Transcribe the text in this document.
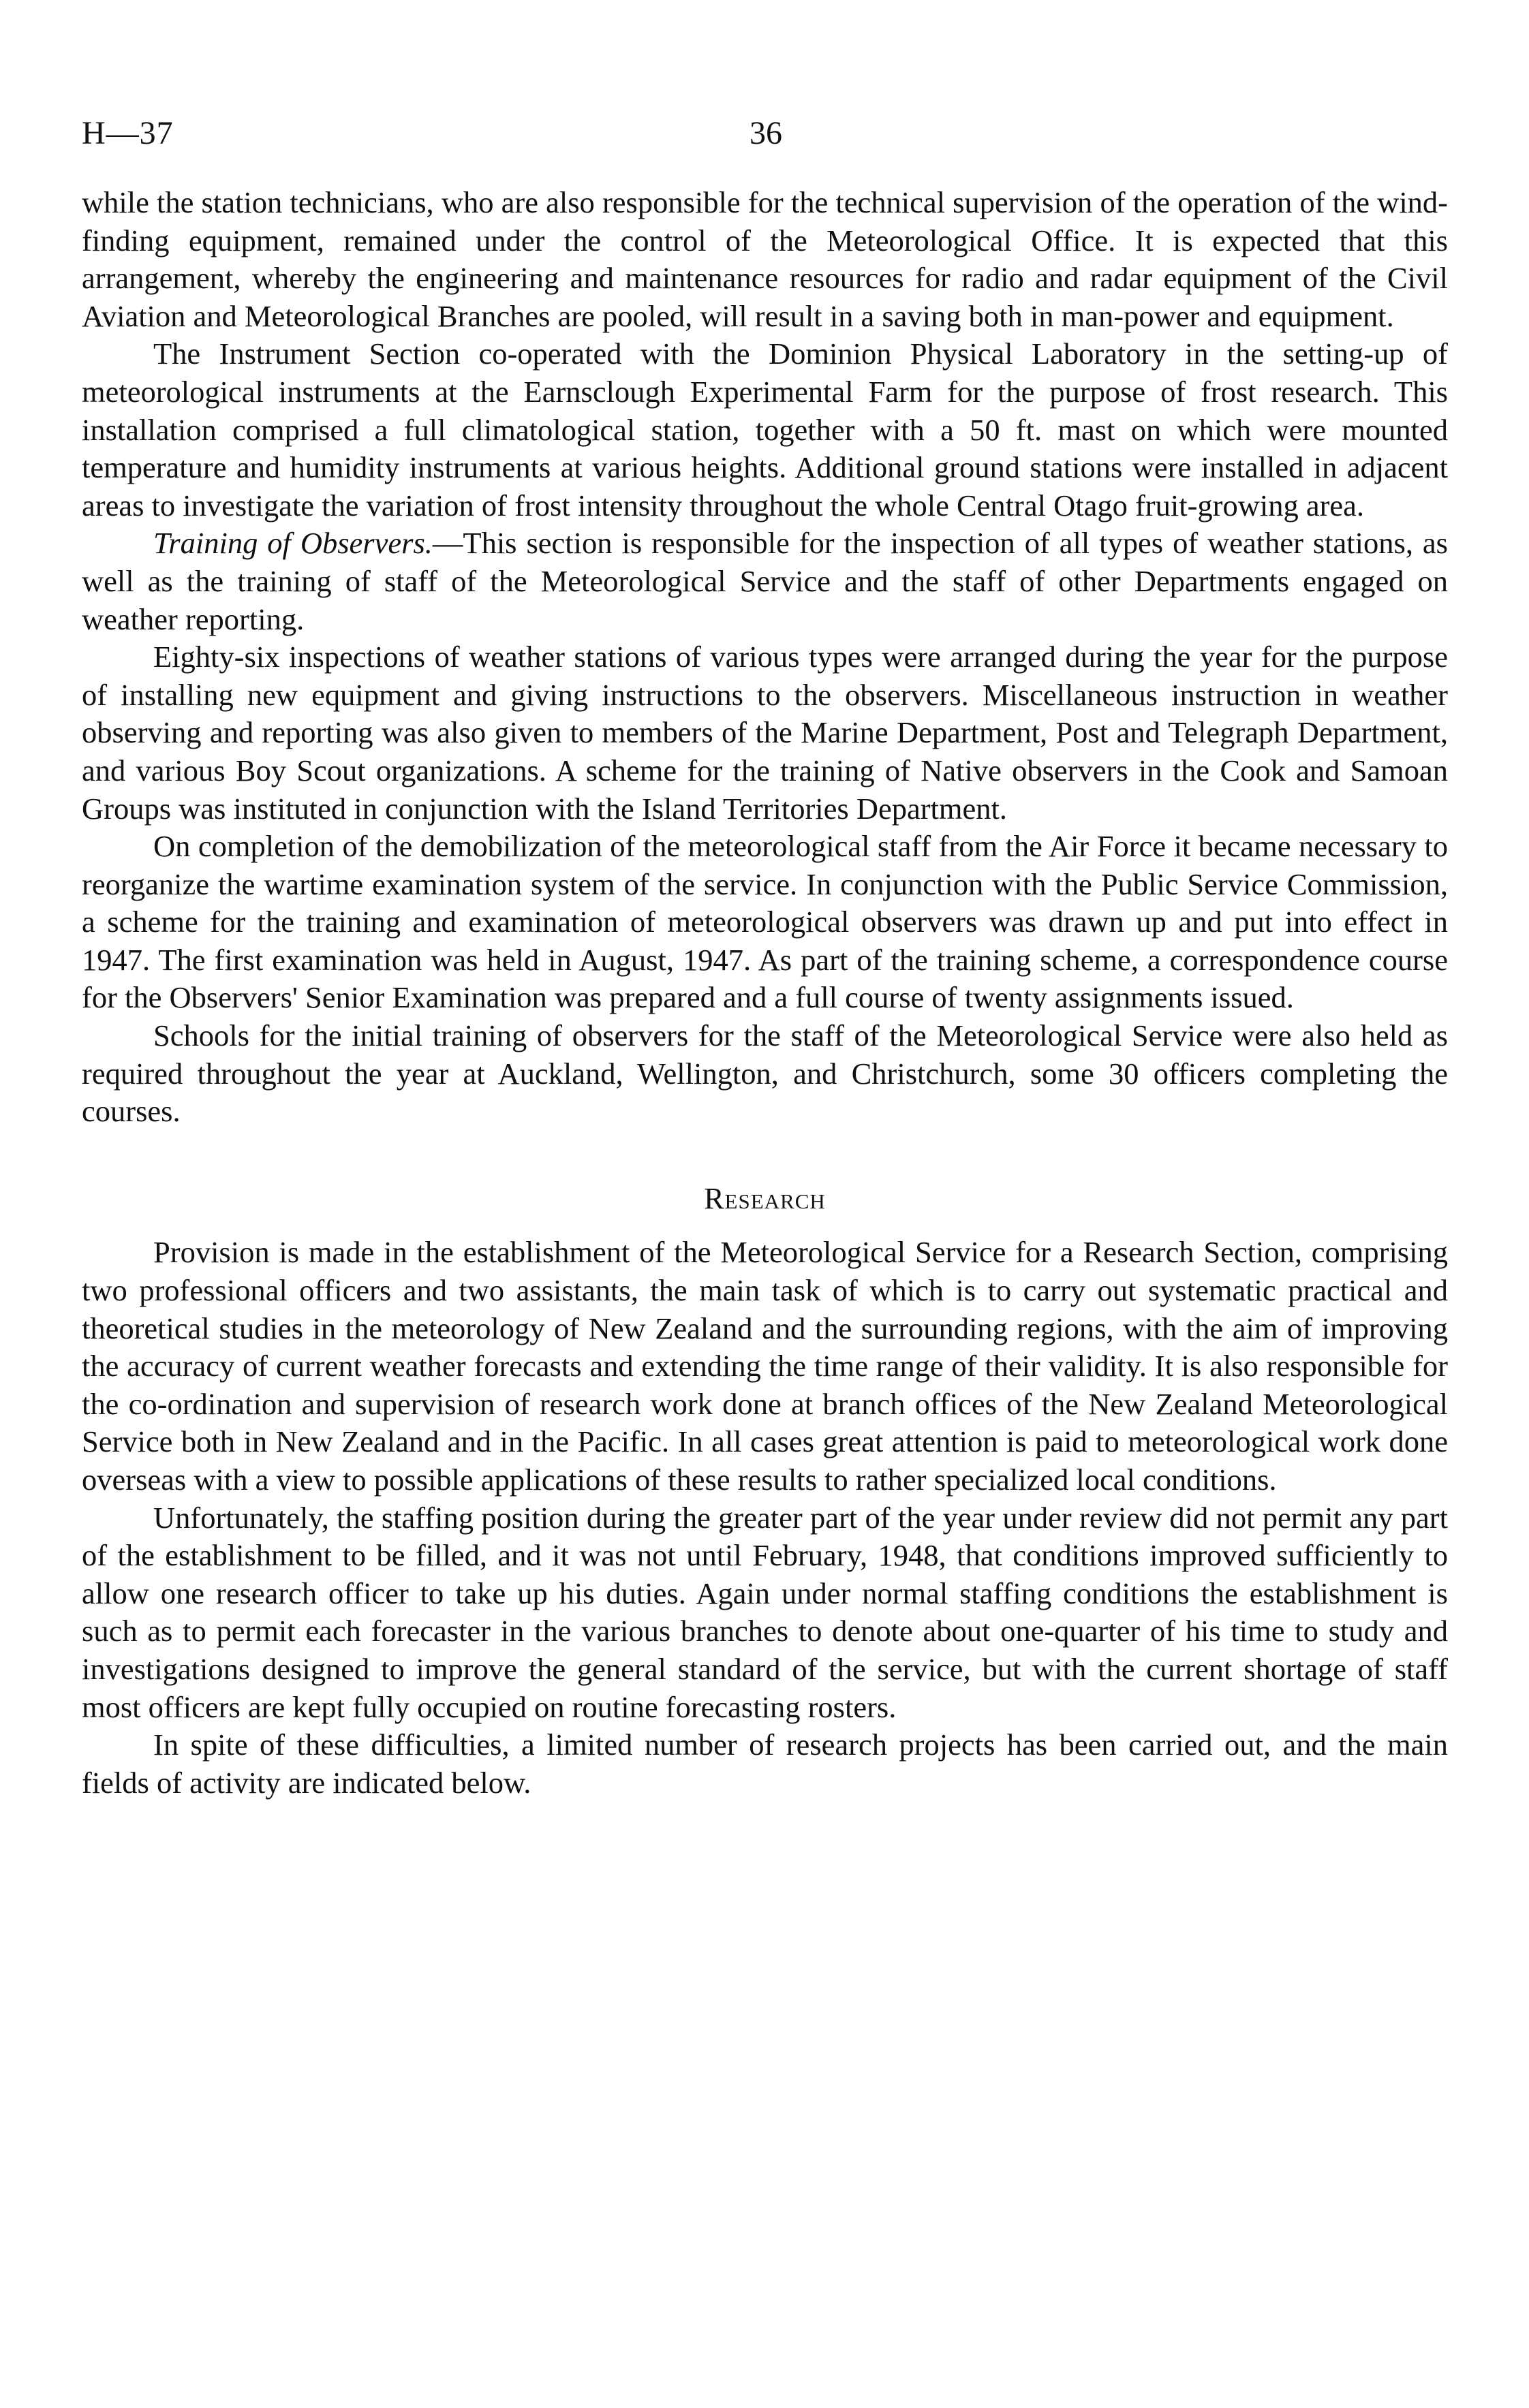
H—37	36

while the station technicians, who are also responsible for the technical supervision of the operation of the wind-finding equipment, remained under the control of the Meteorological Office. It is expected that this arrangement, whereby the engineering and maintenance resources for radio and radar equipment of the Civil Aviation and Meteorological Branches are pooled, will result in a saving both in man-power and equipment.

The Instrument Section co-operated with the Dominion Physical Laboratory in the setting-up of meteorological instruments at the Earnsclough Experimental Farm for the purpose of frost research. This installation comprised a full climatological station, together with a 50 ft. mast on which were mounted temperature and humidity instruments at various heights. Additional ground stations were installed in adjacent areas to investigate the variation of frost intensity throughout the whole Central Otago fruit-growing area.

Training of Observers.—This section is responsible for the inspection of all types of weather stations, as well as the training of staff of the Meteorological Service and the staff of other Departments engaged on weather reporting.

Eighty-six inspections of weather stations of various types were arranged during the year for the purpose of installing new equipment and giving instructions to the observers. Miscellaneous instruction in weather observing and reporting was also given to members of the Marine Department, Post and Telegraph Department, and various Boy Scout organizations. A scheme for the training of Native observers in the Cook and Samoan Groups was instituted in conjunction with the Island Territories Department.

On completion of the demobilization of the meteorological staff from the Air Force it became necessary to reorganize the wartime examination system of the service. In conjunction with the Public Service Commission, a scheme for the training and examination of meteorological observers was drawn up and put into effect in 1947. The first examination was held in August, 1947. As part of the training scheme, a correspondence course for the Observers' Senior Examination was prepared and a full course of twenty assignments issued.

Schools for the initial training of observers for the staff of the Meteorological Service were also held as required throughout the year at Auckland, Wellington, and Christchurch, some 30 officers completing the courses.

Research

Provision is made in the establishment of the Meteorological Service for a Research Section, comprising two professional officers and two assistants, the main task of which is to carry out systematic practical and theoretical studies in the meteorology of New Zealand and the surrounding regions, with the aim of improving the accuracy of current weather forecasts and extending the time range of their validity. It is also responsible for the co-ordination and supervision of research work done at branch offices of the New Zealand Meteorological Service both in New Zealand and in the Pacific. In all cases great attention is paid to meteorological work done overseas with a view to possible applications of these results to rather specialized local conditions.

Unfortunately, the staffing position during the greater part of the year under review did not permit any part of the establishment to be filled, and it was not until February, 1948, that conditions improved sufficiently to allow one research officer to take up his duties. Again under normal staffing conditions the establishment is such as to permit each forecaster in the various branches to denote about one-quarter of his time to study and investigations designed to improve the general standard of the service, but with the current shortage of staff most officers are kept fully occupied on routine forecasting rosters.

In spite of these difficulties, a limited number of research projects has been carried out, and the main fields of activity are indicated below.
